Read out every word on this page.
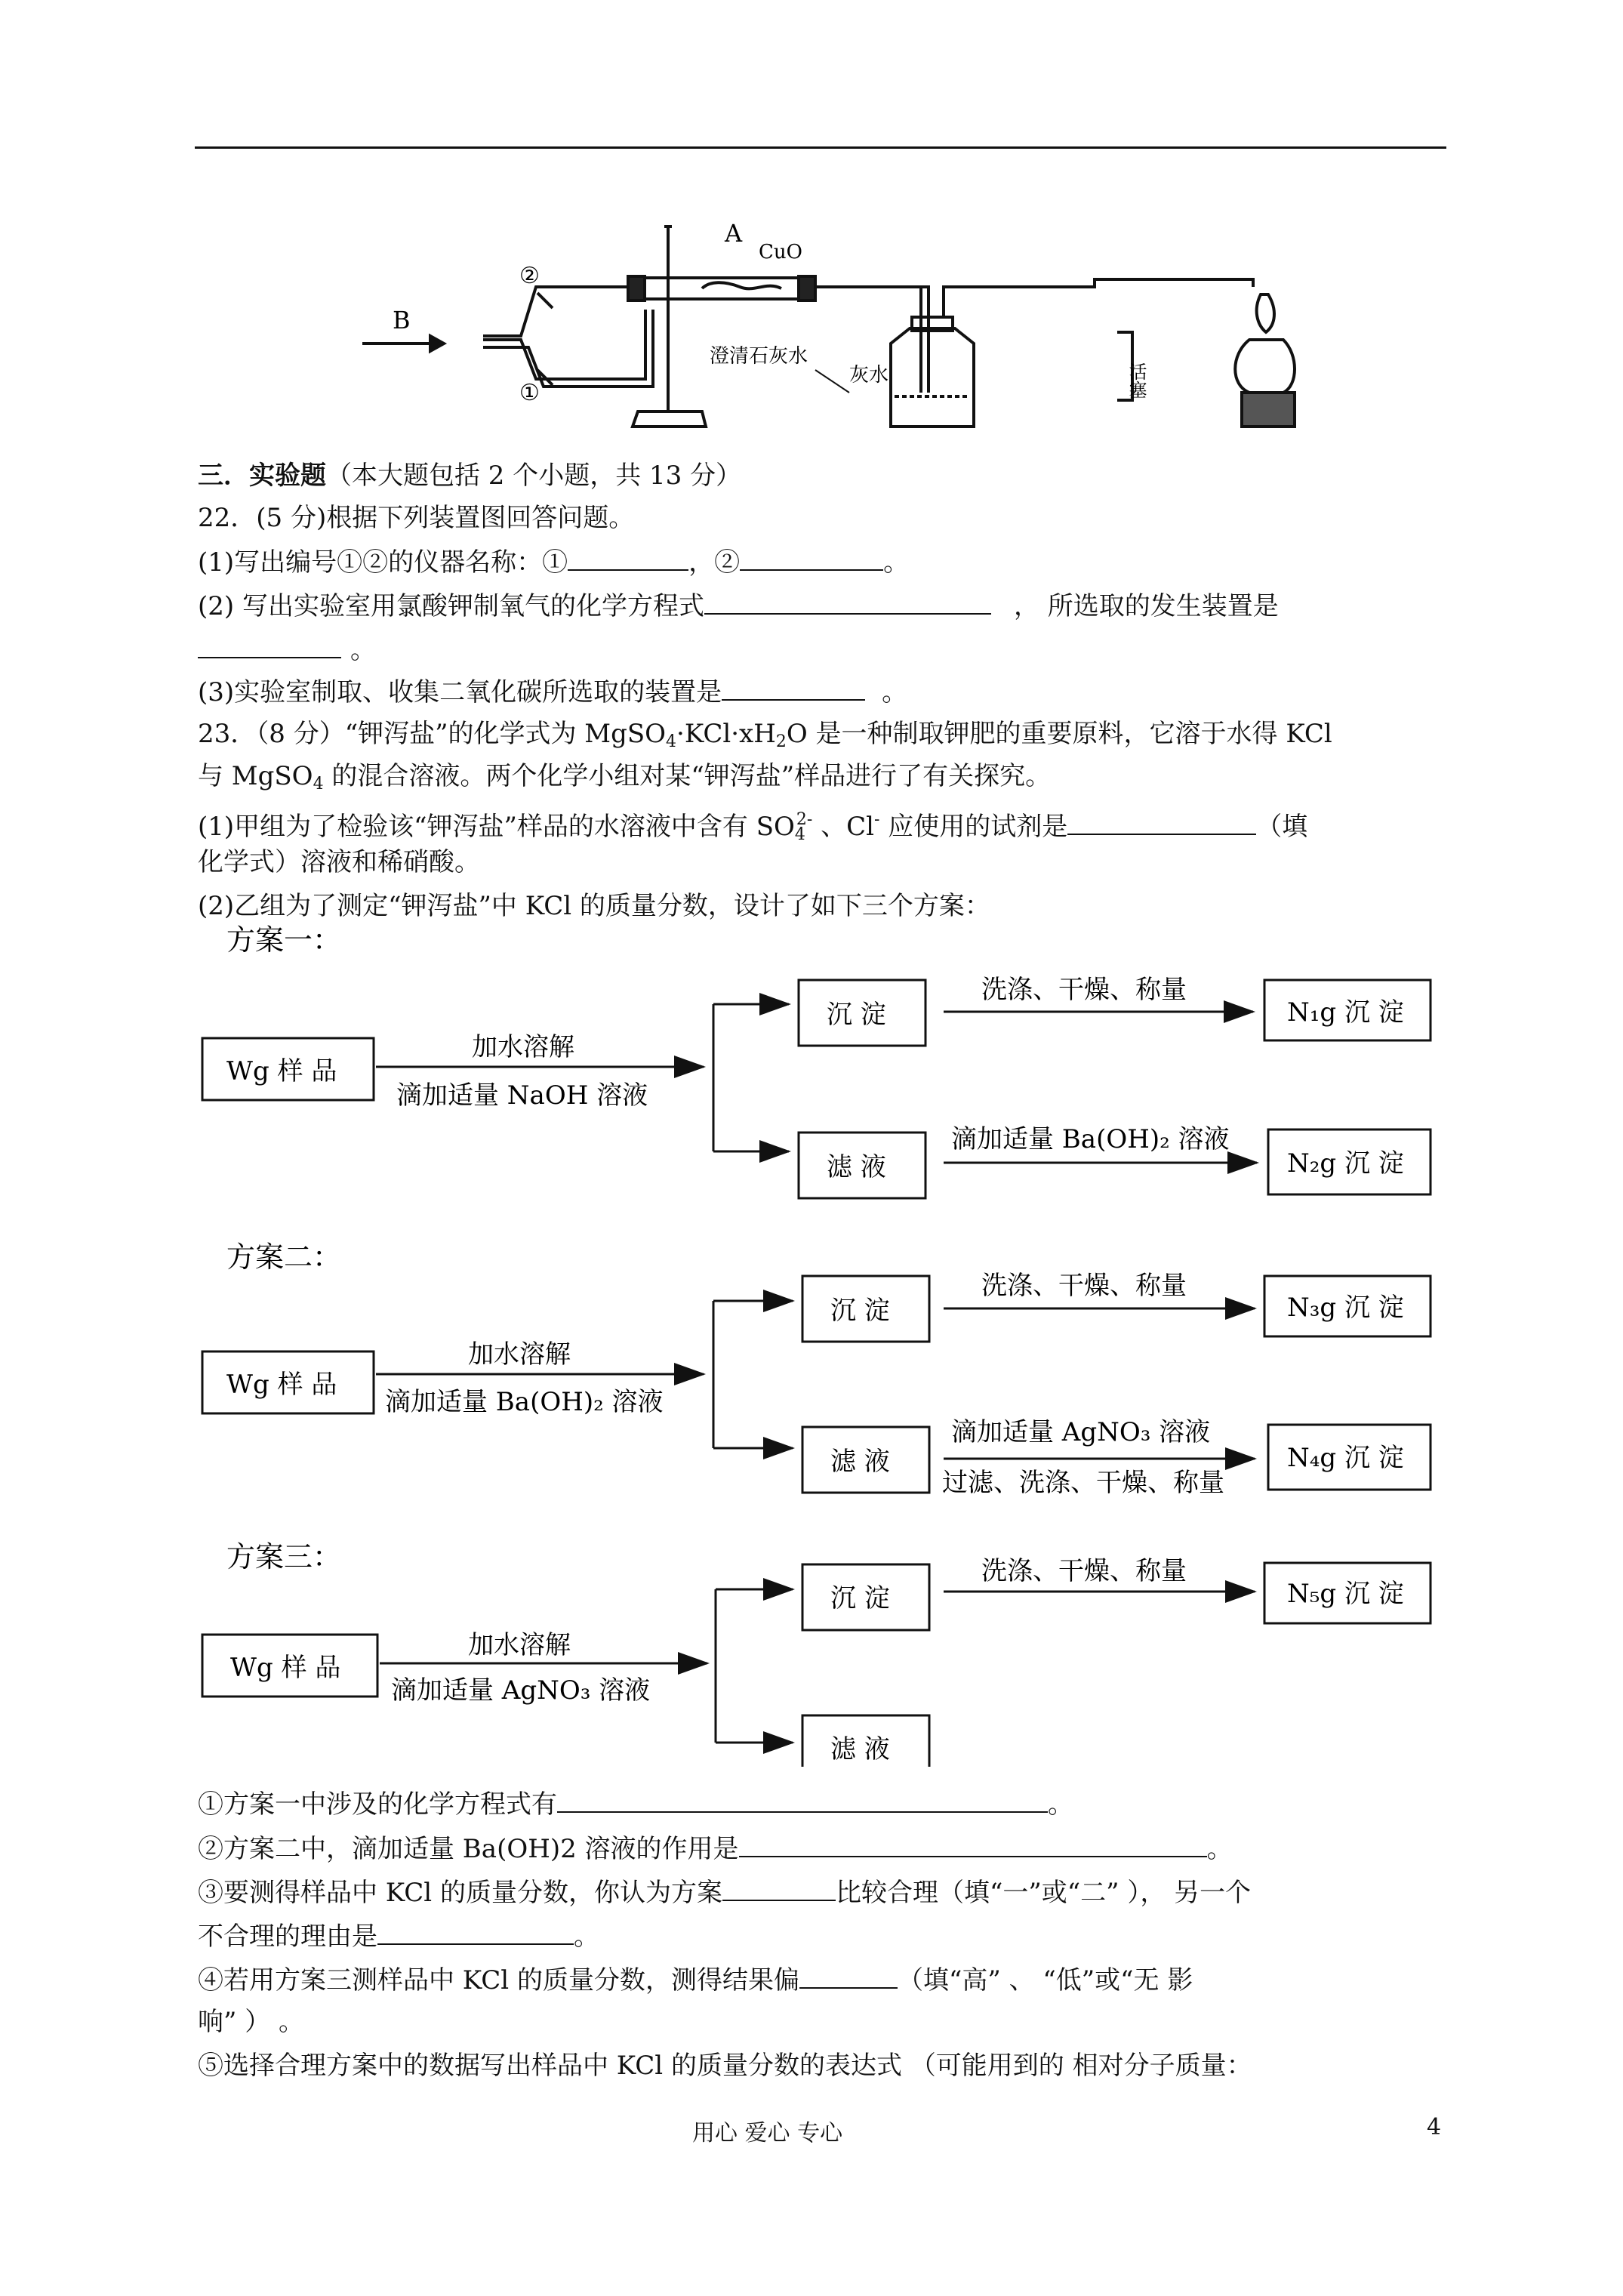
A
B
CuO
②
①
澄清石灰水
灰水	活塞
三．实验题（本大题包括 2 个小题，共 13 分）
22．(5 分)根据下列装置图回答问题。
(1)写出编号①②的仪器名称：①	，②	。
(2) 写出实验室用氯酸钾制氧气的化学方程式	， 所选取的发生装置是
。
(3)实验室制取、收集二氧化碳所选取的装置是	。
23．（8 分）“钾泻盐”的化学式为 $MgSO_4\cdot KCl\cdot xH_2O$ 是一种制取钾肥的重要原料，它溶于水得 KCl
与 MgSO$_4$ 的混合溶液。两个化学小组对某“钾泻盐”样品进行了有关探究。
(1)甲组为了检验该“钾泻盐”样品的水溶液中含有 $SO_4^{2-}$ 、Cl- 应使用的试剂是	（填
化学式）溶液和稀硝酸。
(2)乙组为了测定“钾泻盐”中 KCl 的质量分数，设计了如下三个方案：
方案一：
Wg 样 品
加水溶解
滴加适量 NaOH 溶液
沉 淀
滤 液
洗涤、干燥、称量
滴加适量 Ba(OH)₂ 溶液
N₁g 沉 淀
N₂g 沉 淀
方案二：
Wg 样 品
加水溶解
滴加适量 Ba(OH)₂ 溶液
沉 淀
滤 液
洗涤、干燥、称量
滴加适量 AgNO₃ 溶液
过滤、洗涤、干燥、称量
N₃g 沉 淀
N₄g 沉 淀
方案三：
Wg 样 品
加水溶解
滴加适量 AgNO₃ 溶液
沉 淀
滤 液
洗涤、干燥、称量
N₅g 沉 淀
①方案一中涉及的化学方程式有	。
②方案二中，滴加适量 Ba(OH)2 溶液的作用是	。
③要测得样品中 KCl 的质量分数，你认为方案	比较合理（填“一”或“二” ）， 另一个
不合理的理由是	。
④若用方案三测样品中 KCl 的质量分数，测得结果偏	（填“高” 、 “低”或“无 影
响” ） 。
⑤选择合理方案中的数据写出样品中 KCl 的质量分数的表达式 （可能用到的 相对分子质量：
用心 爱心 专心	4
